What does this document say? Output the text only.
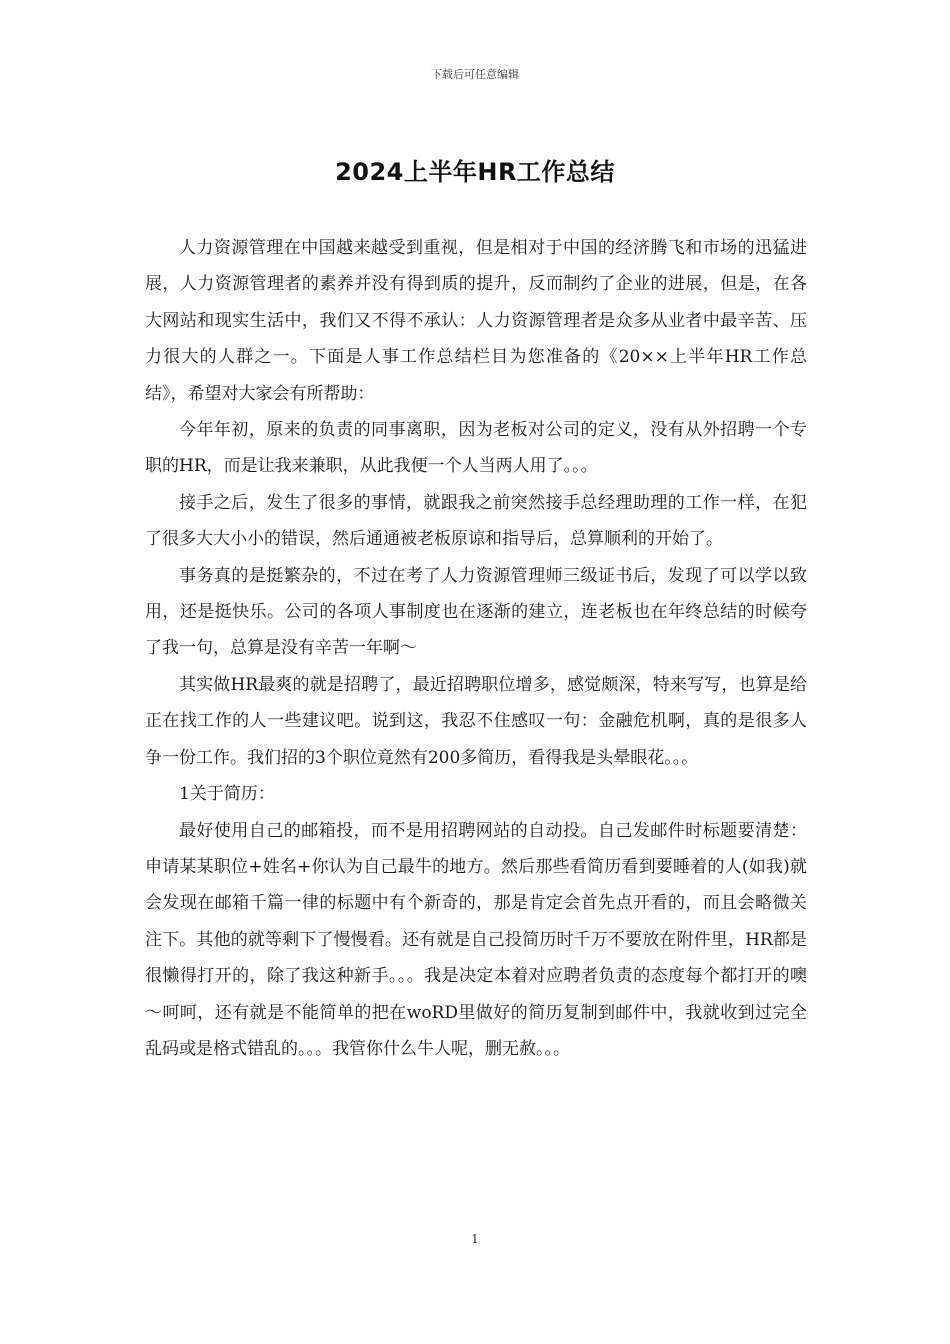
下载后可任意编辑
2024上半年HR工作总结

人力资源管理在中国越来越受到重视，但是相对于中国的经济腾飞和市场的迅猛进展，人力资源管理者的素养并没有得到质的提升，反而制约了企业的进展，但是，在各大网站和现实生活中，我们又不得不承认：人力资源管理者是众多从业者中最辛苦、压力很大的人群之一。下面是人事工作总结栏目为您准备的《20××上半年HR工作总结》，希望对大家会有所帮助：

今年年初，原来的负责的同事离职，因为老板对公司的定义，没有从外招聘一个专职的HR，而是让我来兼职，从此我便一个人当两人用了。。。

接手之后，发生了很多的事情，就跟我之前突然接手总经理助理的工作一样，在犯了很多大大小小的错误，然后通通被老板原谅和指导后，总算顺利的开始了。

事务真的是挺繁杂的，不过在考了人力资源管理师三级证书后，发现了可以学以致用，还是挺快乐。公司的各项人事制度也在逐渐的建立，连老板也在年终总结的时候夸了我一句，总算是没有辛苦一年啊～

其实做HR最爽的就是招聘了，最近招聘职位增多，感觉颇深，特来写写，也算是给正在找工作的人一些建议吧。说到这，我忍不住感叹一句：金融危机啊，真的是很多人争一份工作。我们招的3个职位竟然有200多简历，看得我是头晕眼花。。。

1关于简历：

最好使用自己的邮箱投，而不是用招聘网站的自动投。自己发邮件时标题要清楚：申请某某职位+姓名+你认为自己最牛的地方。然后那些看简历看到要睡着的人(如我)就会发现在邮箱千篇一律的标题中有个新奇的，那是肯定会首先点开看的，而且会略微关注下。其他的就等剩下了慢慢看。还有就是自己投简历时千万不要放在附件里，HR都是很懒得打开的，除了我这种新手。。。我是决定本着对应聘者负责的态度每个都打开的噢～呵呵，还有就是不能简单的把在woRD里做好的简历复制到邮件中，我就收到过完全乱码或是格式错乱的。。。我管你什么牛人呢，删无赦。。。

1
